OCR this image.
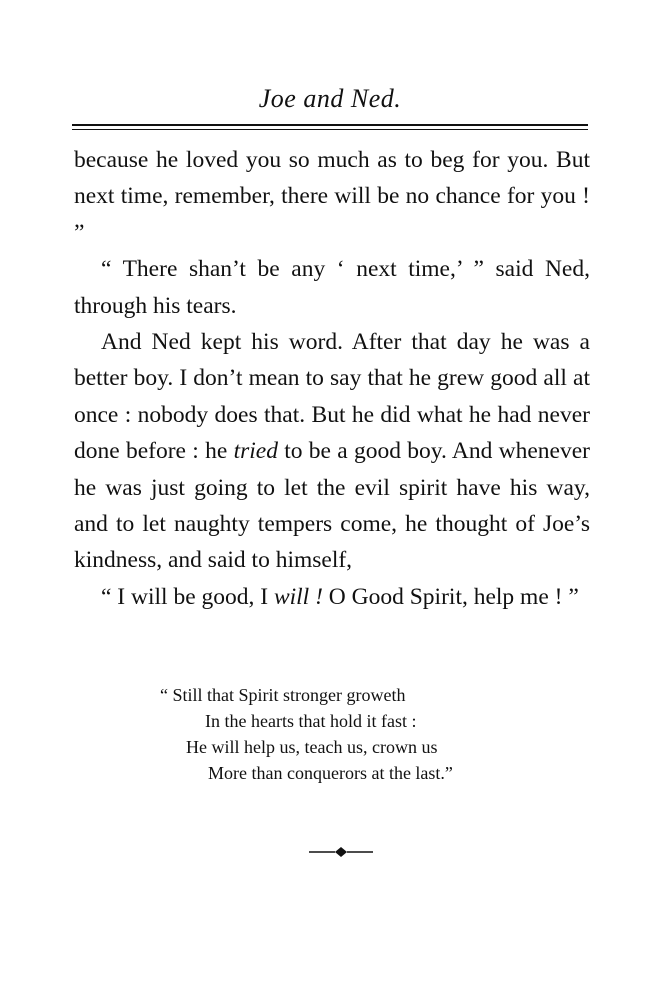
Joe and Ned.

because he loved you so much as to beg for you. But next time, remember, there will be no chance for you ! ”

“ There shan’t be any ‘ next time,’ ” said Ned, through his tears.

And Ned kept his word. After that day he was a better boy. I don’t mean to say that he grew good all at once : nobody does that. But he did what he had never done before : he tried to be a good boy. And whenever he was just going to let the evil spirit have his way, and to let naughty tempers come, he thought of Joe’s kindness, and said to himself,

“ I will be good, I will ! O Good Spirit, help me ! ”

“ Still that Spirit stronger groweth
In the hearts that hold it fast :
He will help us, teach us, crown us
More than conquerors at the last.”
